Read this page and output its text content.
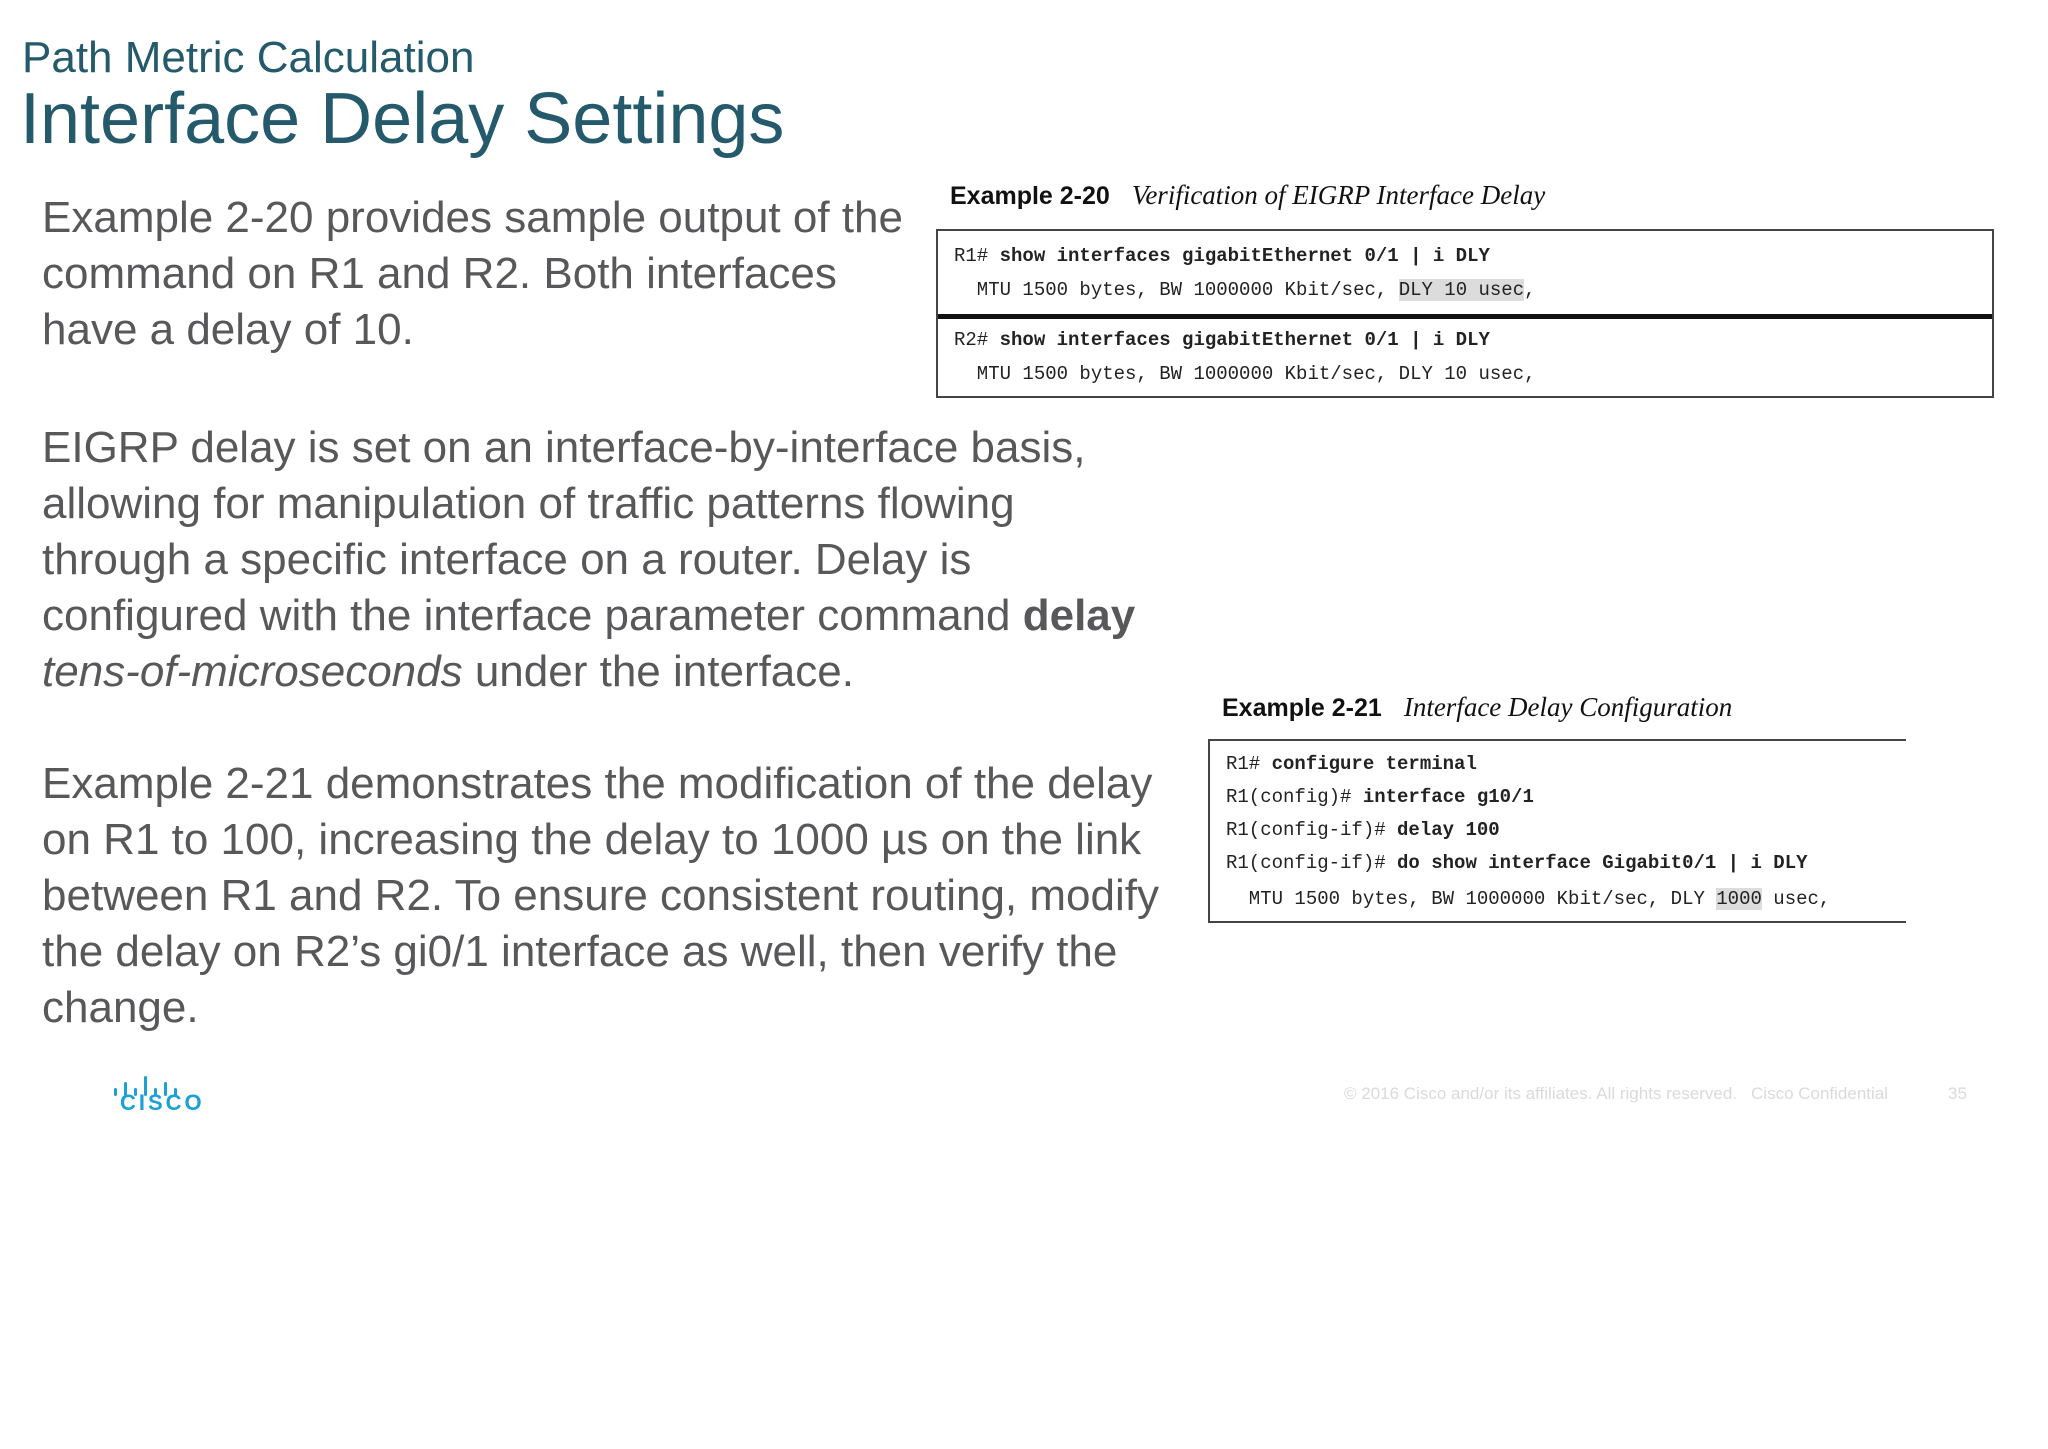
Path Metric Calculation
Interface Delay Settings

Example 2-20 provides sample output of the command on R1 and R2. Both interfaces have a delay of 10.

EIGRP delay is set on an interface-by-interface basis, allowing for manipulation of traffic patterns flowing through a specific interface on a router. Delay is configured with the interface parameter command delay tens-of-microseconds under the interface.

Example 2-21 demonstrates the modification of the delay on R1 to 100, increasing the delay to 1000 µs on the link between R1 and R2. To ensure consistent routing, modify the delay on R2’s gi0/1 interface as well, then verify the change.

Example 2-20 Verification of EIGRP Interface Delay
R1# show interfaces gigabitEthernet 0/1 | i DLY
MTU 1500 bytes, BW 1000000 Kbit/sec, DLY 10 usec,
R2# show interfaces gigabitEthernet 0/1 | i DLY
MTU 1500 bytes, BW 1000000 Kbit/sec, DLY 10 usec,
Example 2-21 Interface Delay Configuration
R1# configure terminal
R1(config)# interface g10/1
R1(config-if)# delay 100
R1(config-if)# do show interface Gigabit0/1 | i DLY
MTU 1500 bytes, BW 1000000 Kbit/sec, DLY 1000 usec,
CISCO	© 2016 Cisco and/or its affiliates. All rights reserved. Cisco Confidential	35
